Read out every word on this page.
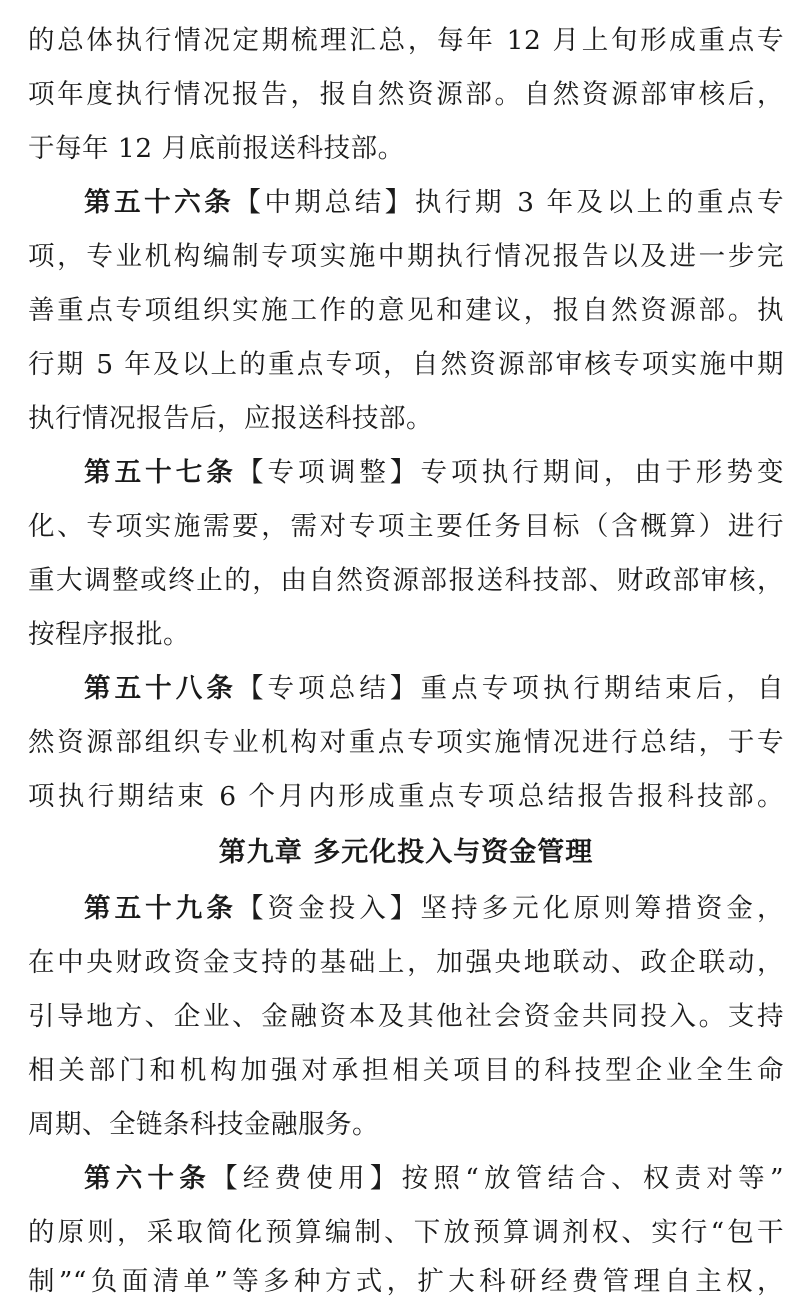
的总体执行情况定期梳理汇总，每年 12 月上旬形成重点专
项年度执行情况报告，报自然资源部。自然资源部审核后，
于每年 12 月底前报送科技部。
第五十六条【中期总结】执行期 3 年及以上的重点专
项，专业机构编制专项实施中期执行情况报告以及进一步完
善重点专项组织实施工作的意见和建议，报自然资源部。执
行期 5 年及以上的重点专项，自然资源部审核专项实施中期
执行情况报告后，应报送科技部。
第五十七条【专项调整】专项执行期间，由于形势变
化、专项实施需要，需对专项主要任务目标（含概算）进行
重大调整或终止的，由自然资源部报送科技部、财政部审核，
按程序报批。
第五十八条【专项总结】重点专项执行期结束后，自
然资源部组织专业机构对重点专项实施情况进行总结，于专
项执行期结束 6 个月内形成重点专项总结报告报科技部。
第九章 多元化投入与资金管理
第五十九条【资金投入】坚持多元化原则筹措资金，
在中央财政资金支持的基础上，加强央地联动、政企联动，
引导地方、企业、金融资本及其他社会资金共同投入。支持
相关部门和机构加强对承担相关项目的科技型企业全生命
周期、全链条科技金融服务。
第六十条【经费使用】按照“放管结合、权责对等”
的原则，采取简化预算编制、下放预算调剂权、实行“包干
制”“负面清单”等多种方式，扩大科研经费管理自主权，
